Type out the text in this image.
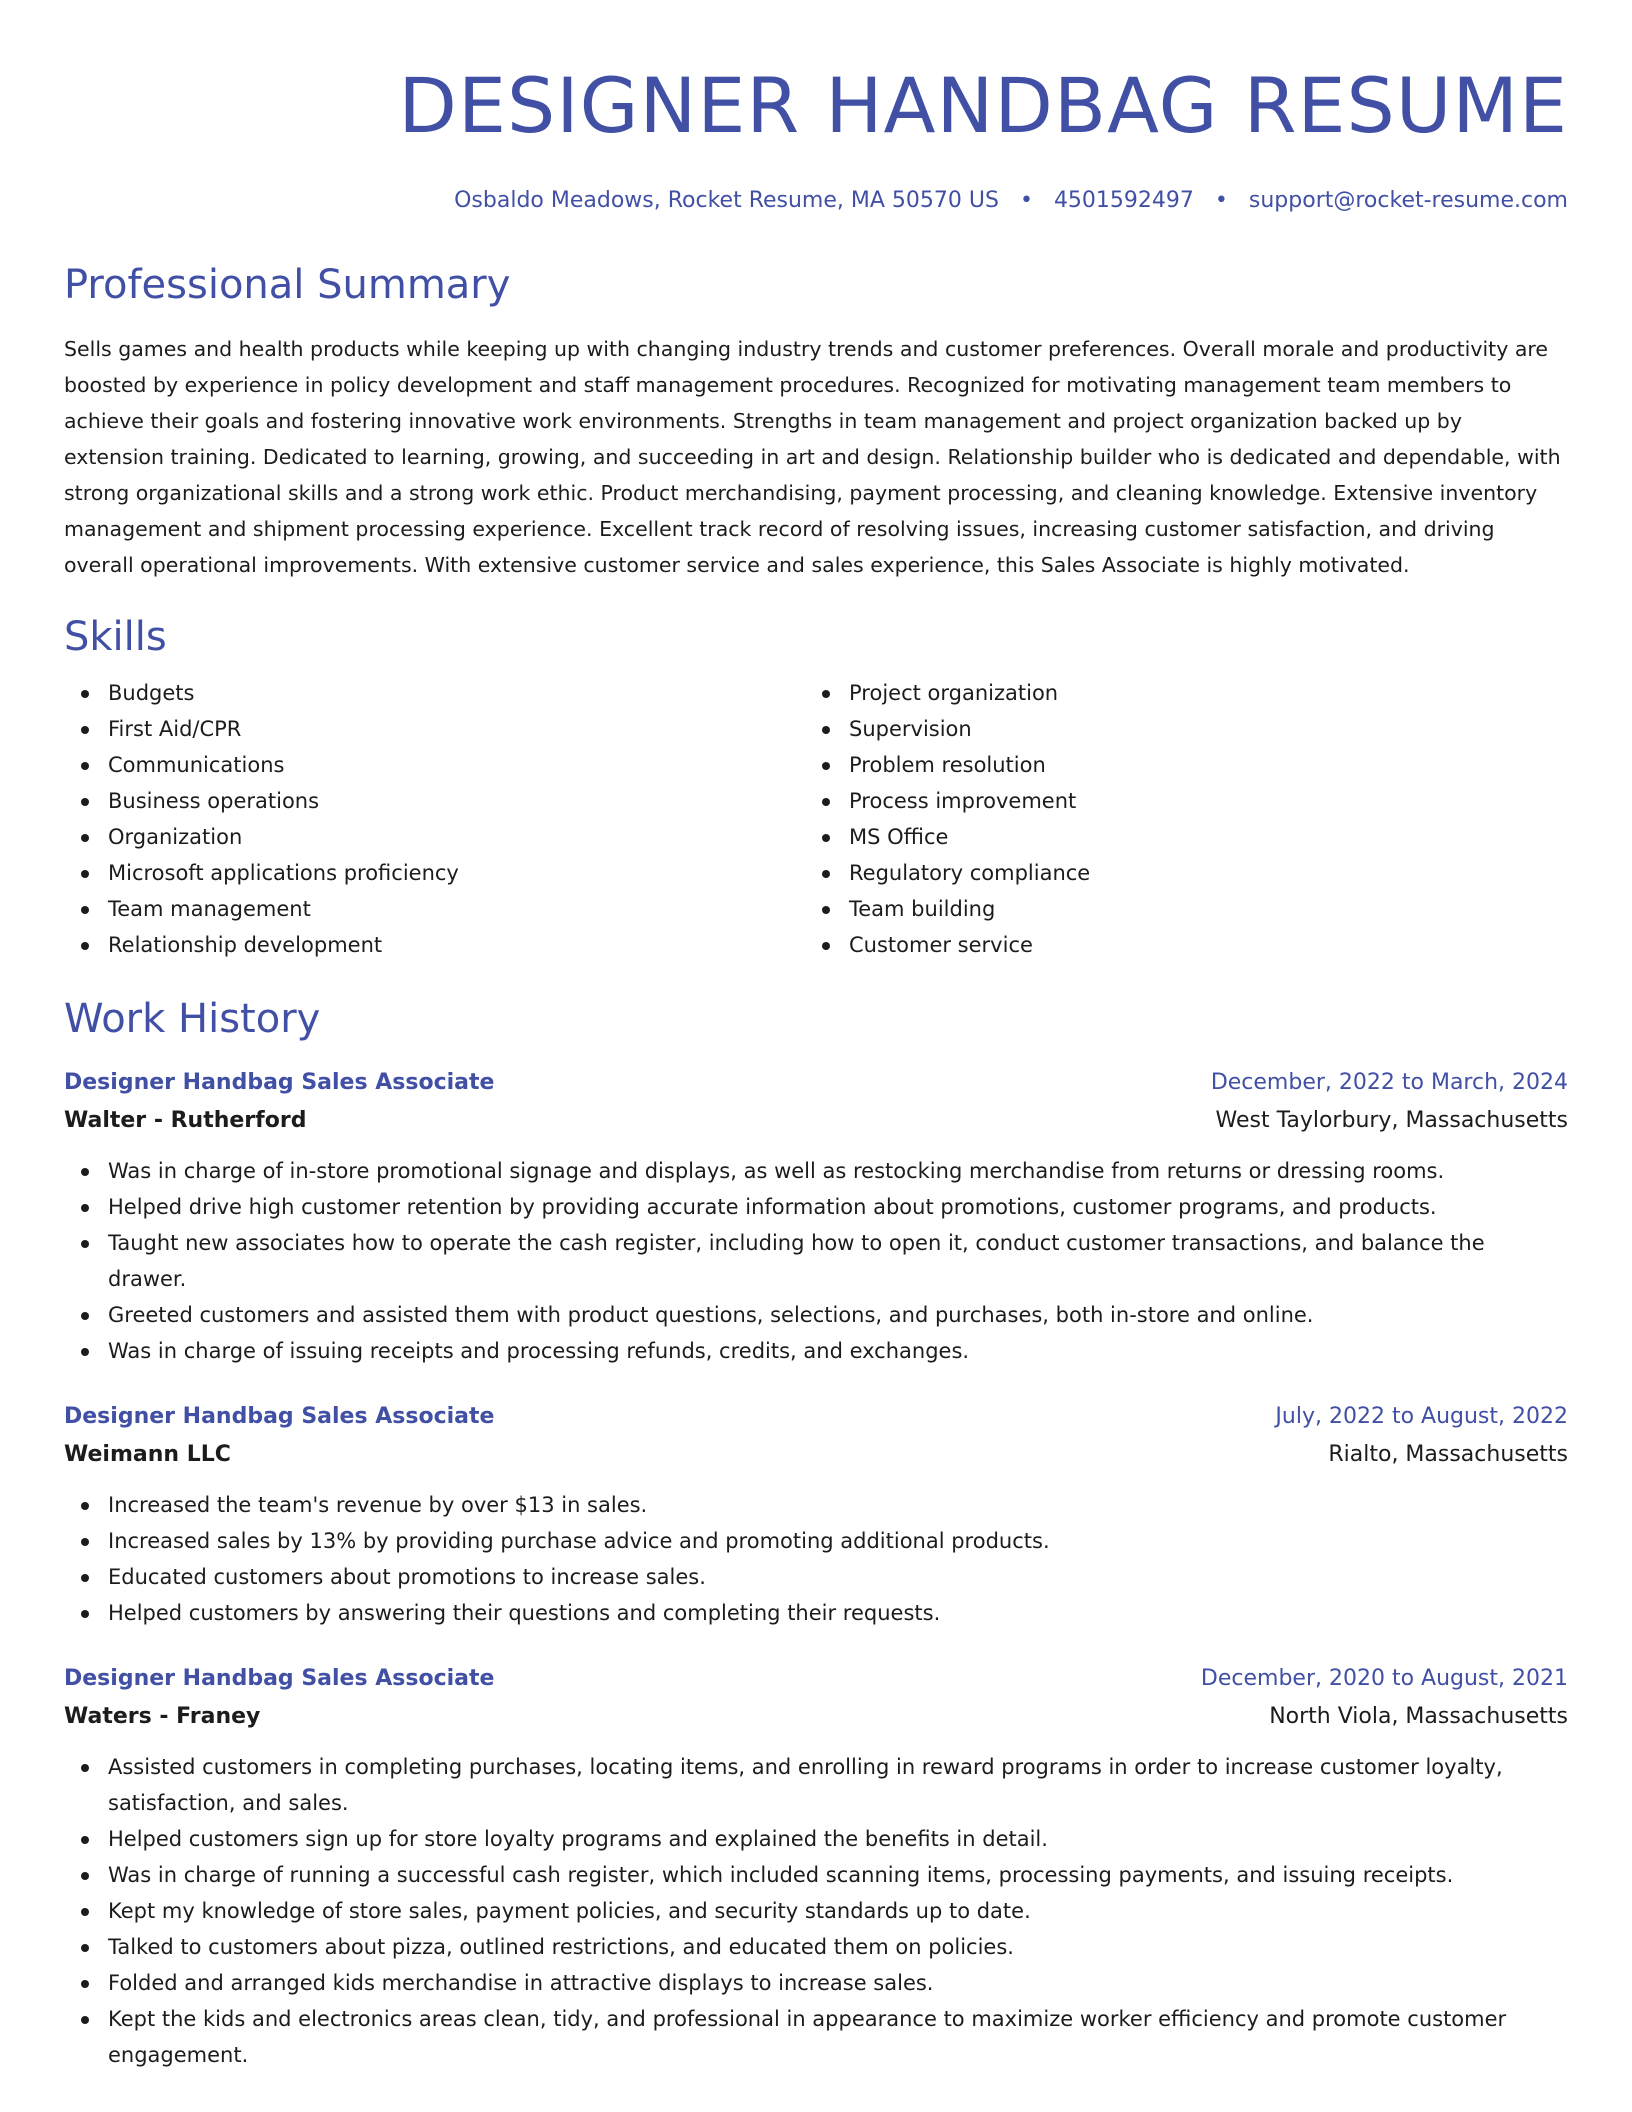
DESIGNER HANDBAG RESUME
Osbaldo Meadows, Rocket Resume, MA 50570 US • 4501592497 • support@rocket-resume.com
Professional Summary

Sells games and health products while keeping up with changing industry trends and customer preferences. Overall morale and productivity are boosted by experience in policy development and staff management procedures. Recognized for motivating management team members to achieve their goals and fostering innovative work environments. Strengths in team management and project organization backed up by extension training. Dedicated to learning, growing, and succeeding in art and design. Relationship builder who is dedicated and dependable, with strong organizational skills and a strong work ethic. Product merchandising, payment processing, and cleaning knowledge. Extensive inventory management and shipment processing experience. Excellent track record of resolving issues, increasing customer satisfaction, and driving overall operational improvements. With extensive customer service and sales experience, this Sales Associate is highly motivated.

Skills
Budgets
First Aid/CPR
Communications
Business operations
Organization
Microsoft applications proficiency
Team management
Relationship development
Project organization
Supervision
Problem resolution
Process improvement
MS Office
Regulatory compliance
Team building
Customer service
Work History
Designer Handbag Sales Associate	December, 2022 to March, 2024
Walter - Rutherford	West Taylorbury, Massachusetts
Was in charge of in-store promotional signage and displays, as well as restocking merchandise from returns or dressing rooms.
Helped drive high customer retention by providing accurate information about promotions, customer programs, and products.
Taught new associates how to operate the cash register, including how to open it, conduct customer transactions, and balance the drawer.
Greeted customers and assisted them with product questions, selections, and purchases, both in-store and online.
Was in charge of issuing receipts and processing refunds, credits, and exchanges.
Designer Handbag Sales Associate	July, 2022 to August, 2022
Weimann LLC	Rialto, Massachusetts
Increased the team's revenue by over $13 in sales.
Increased sales by 13% by providing purchase advice and promoting additional products.
Educated customers about promotions to increase sales.
Helped customers by answering their questions and completing their requests.
Designer Handbag Sales Associate	December, 2020 to August, 2021
Waters - Franey	North Viola, Massachusetts
Assisted customers in completing purchases, locating items, and enrolling in reward programs in order to increase customer loyalty, satisfaction, and sales.
Helped customers sign up for store loyalty programs and explained the benefits in detail.
Was in charge of running a successful cash register, which included scanning items, processing payments, and issuing receipts.
Kept my knowledge of store sales, payment policies, and security standards up to date.
Talked to customers about pizza, outlined restrictions, and educated them on policies.
Folded and arranged kids merchandise in attractive displays to increase sales.
Kept the kids and electronics areas clean, tidy, and professional in appearance to maximize worker efficiency and promote customer engagement.
